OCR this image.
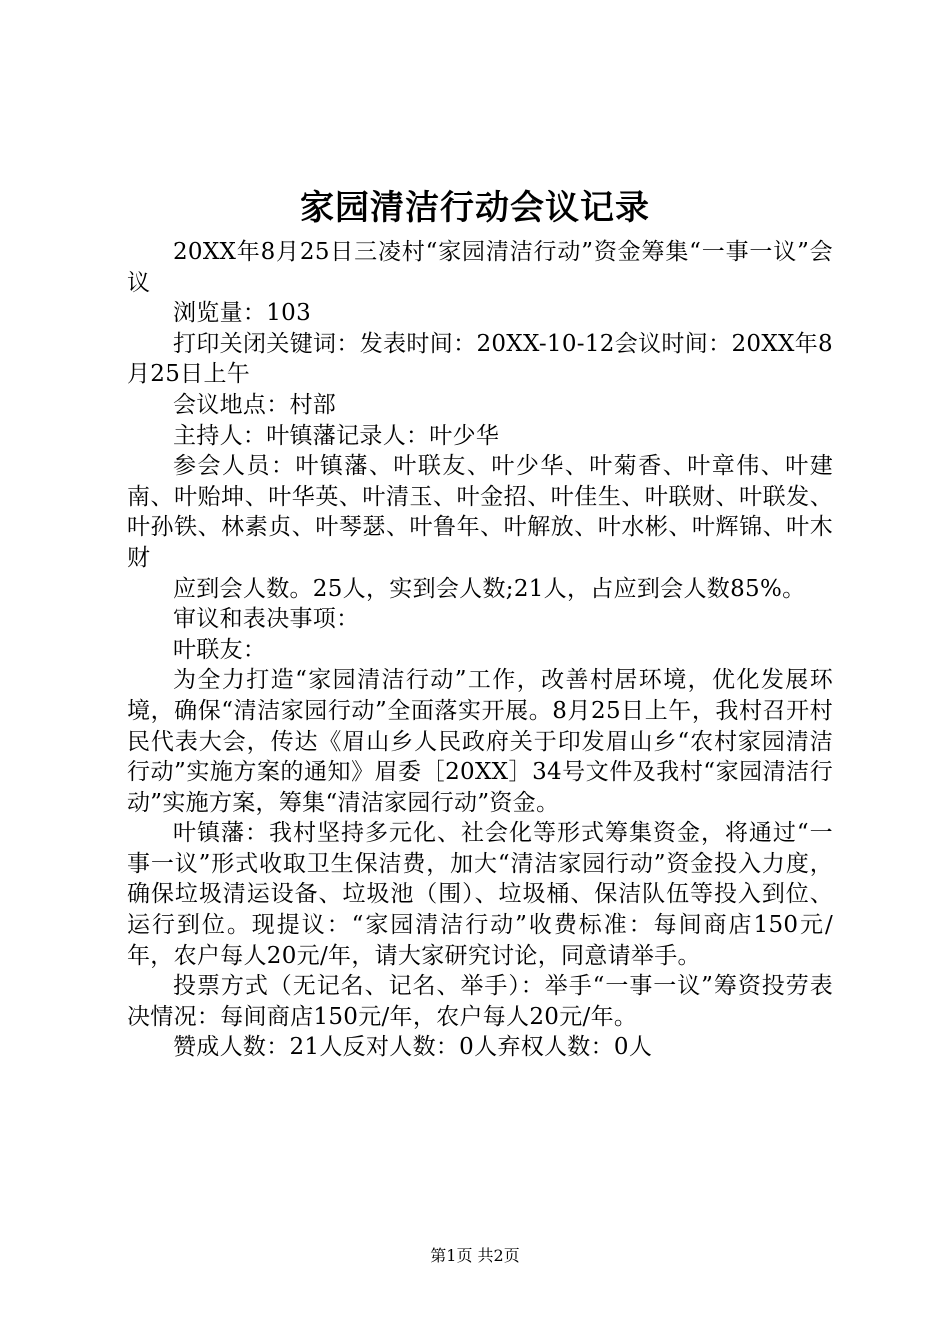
家园清洁行动会议记录

20XX年8月25日三凌村“家园清洁行动”资金筹集“一事一议”会议

浏览量：103

打印关闭关键词：发表时间：20XX-10-12会议时间：20XX年8月25日上午

会议地点：村部

主持人：叶镇藩记录人：叶少华

参会人员：叶镇藩、叶联友、叶少华、叶菊香、叶章伟、叶建南、叶贻坤、叶华英、叶清玉、叶金招、叶佳生、叶联财、叶联发、叶孙铁、林素贞、叶琴瑟、叶鲁年、叶解放、叶水彬、叶辉锦、叶木财

应到会人数。25人，实到会人数;21人，占应到会人数85%。

审议和表决事项：

叶联友：

为全力打造“家园清洁行动”工作，改善村居环境，优化发展环境，确保“清洁家园行动”全面落实开展。8月25日上午，我村召开村民代表大会，传达《眉山乡人民政府关于印发眉山乡“农村家园清洁行动”实施方案的通知》眉委［20XX］34号文件及我村“家园清洁行动”实施方案，筹集“清洁家园行动”资金。

叶镇藩：我村坚持多元化、社会化等形式筹集资金，将通过“一事一议”形式收取卫生保洁费，加大“清洁家园行动”资金投入力度，确保垃圾清运设备、垃圾池（围）、垃圾桶、保洁队伍等投入到位、运行到位。现提议：“家园清洁行动”收费标准：每间商店150元/年，农户每人20元/年，请大家研究讨论，同意请举手。

投票方式（无记名、记名、举手）：举手“一事一议”筹资投劳表决情况：每间商店150元/年，农户每人20元/年。

赞成人数：21人反对人数：0人弃权人数：0人

第1页 共2页
